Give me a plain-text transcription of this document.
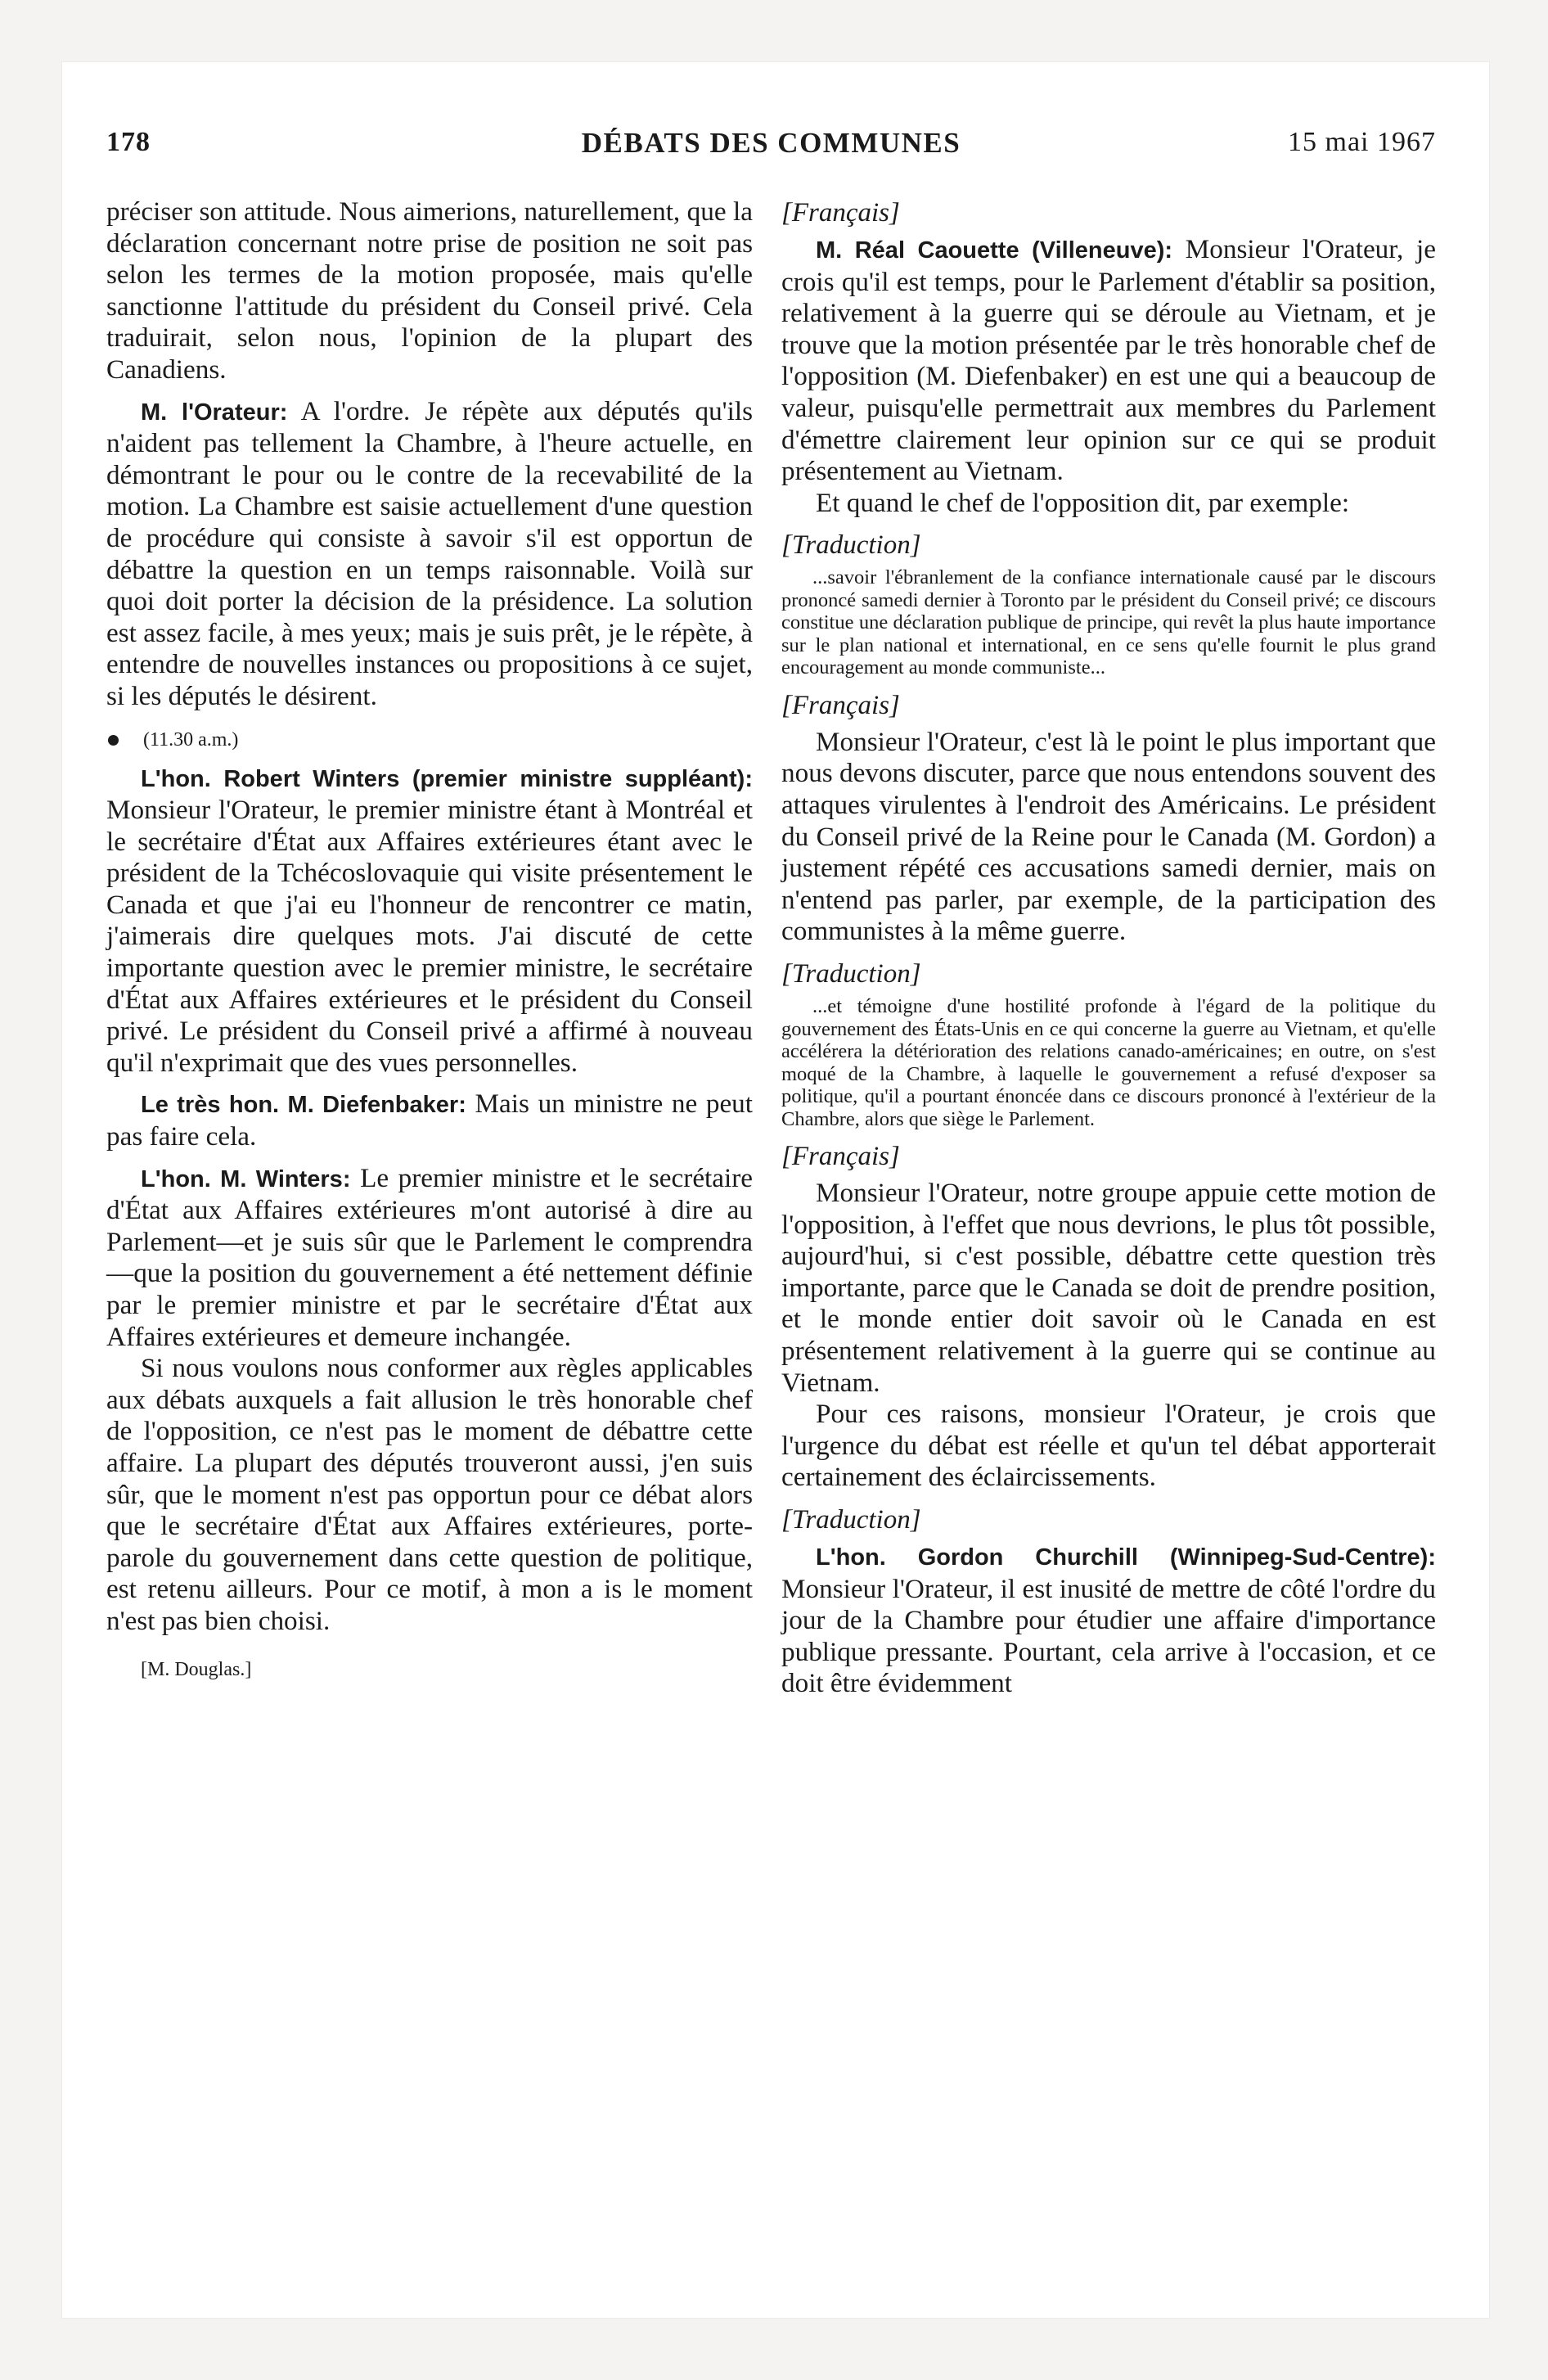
178	DÉBATS DES COMMUNES	15 mai 1967

préciser son attitude. Nous aimerions, naturellement, que la déclaration concernant notre prise de position ne soit pas selon les termes de la motion proposée, mais qu'elle sanctionne l'attitude du président du Conseil privé. Cela traduirait, selon nous, l'opinion de la plupart des Canadiens.

M. l'Orateur: A l'ordre. Je répète aux députés qu'ils n'aident pas tellement la Chambre, à l'heure actuelle, en démontrant le pour ou le contre de la recevabilité de la motion. La Chambre est saisie actuellement d'une question de procédure qui consiste à savoir s'il est opportun de débattre la question en un temps raisonnable. Voilà sur quoi doit porter la décision de la présidence. La solution est assez facile, à mes yeux; mais je suis prêt, je le répète, à entendre de nouvelles instances ou propositions à ce sujet, si les députés le désirent.

(11.30 a.m.)

L'hon. Robert Winters (premier ministre suppléant): Monsieur l'Orateur, le premier ministre étant à Montréal et le secrétaire d'État aux Affaires extérieures étant avec le président de la Tchécoslovaquie qui visite présentement le Canada et que j'ai eu l'honneur de rencontrer ce matin, j'aimerais dire quelques mots. J'ai discuté de cette importante question avec le premier ministre, le secrétaire d'État aux Affaires extérieures et le président du Conseil privé. Le président du Conseil privé a affirmé à nouveau qu'il n'exprimait que des vues personnelles.

Le très hon. M. Diefenbaker: Mais un ministre ne peut pas faire cela.

L'hon. M. Winters: Le premier ministre et le secrétaire d'État aux Affaires extérieures m'ont autorisé à dire au Parlement—et je suis sûr que le Parlement le comprendra—que la position du gouvernement a été nettement définie par le premier ministre et par le secrétaire d'État aux Affaires extérieures et demeure inchangée.

Si nous voulons nous conformer aux règles applicables aux débats auxquels a fait allusion le très honorable chef de l'opposition, ce n'est pas le moment de débattre cette affaire. La plupart des députés trouveront aussi, j'en suis sûr, que le moment n'est pas opportun pour ce débat alors que le secrétaire d'État aux Affaires extérieures, porte-parole du gouvernement dans cette question de politique, est retenu ailleurs. Pour ce motif, à mon a is le moment n'est pas bien choisi.

[M. Douglas.]
[Français]

M. Réal Caouette (Villeneuve): Monsieur l'Orateur, je crois qu'il est temps, pour le Parlement d'établir sa position, relativement à la guerre qui se déroule au Vietnam, et je trouve que la motion présentée par le très honorable chef de l'opposition (M. Diefenbaker) en est une qui a beaucoup de valeur, puisqu'elle permettrait aux membres du Parlement d'émettre clairement leur opinion sur ce qui se produit présentement au Vietnam.

Et quand le chef de l'opposition dit, par exemple:

[Traduction]

...savoir l'ébranlement de la confiance internationale causé par le discours prononcé samedi dernier à Toronto par le président du Conseil privé; ce discours constitue une déclaration publique de principe, qui revêt la plus haute importance sur le plan national et international, en ce sens qu'elle fournit le plus grand encouragement au monde communiste...

[Français]

Monsieur l'Orateur, c'est là le point le plus important que nous devons discuter, parce que nous entendons souvent des attaques virulentes à l'endroit des Américains. Le président du Conseil privé de la Reine pour le Canada (M. Gordon) a justement répété ces accusations samedi dernier, mais on n'entend pas parler, par exemple, de la participation des communistes à la même guerre.

[Traduction]

...et témoigne d'une hostilité profonde à l'égard de la politique du gouvernement des États-Unis en ce qui concerne la guerre au Vietnam, et qu'elle accélérera la détérioration des relations canado-américaines; en outre, on s'est moqué de la Chambre, à laquelle le gouvernement a refusé d'exposer sa politique, qu'il a pourtant énoncée dans ce discours prononcé à l'extérieur de la Chambre, alors que siège le Parlement.

[Français]

Monsieur l'Orateur, notre groupe appuie cette motion de l'opposition, à l'effet que nous devrions, le plus tôt possible, aujourd'hui, si c'est possible, débattre cette question très importante, parce que le Canada se doit de prendre position, et le monde entier doit savoir où le Canada en est présentement relativement à la guerre qui se continue au Vietnam.

Pour ces raisons, monsieur l'Orateur, je crois que l'urgence du débat est réelle et qu'un tel débat apporterait certainement des éclaircissements.

[Traduction]

L'hon. Gordon Churchill (Winnipeg-Sud-Centre): Monsieur l'Orateur, il est inusité de mettre de côté l'ordre du jour de la Chambre pour étudier une affaire d'importance publique pressante. Pourtant, cela arrive à l'occasion, et ce doit être évidemment
